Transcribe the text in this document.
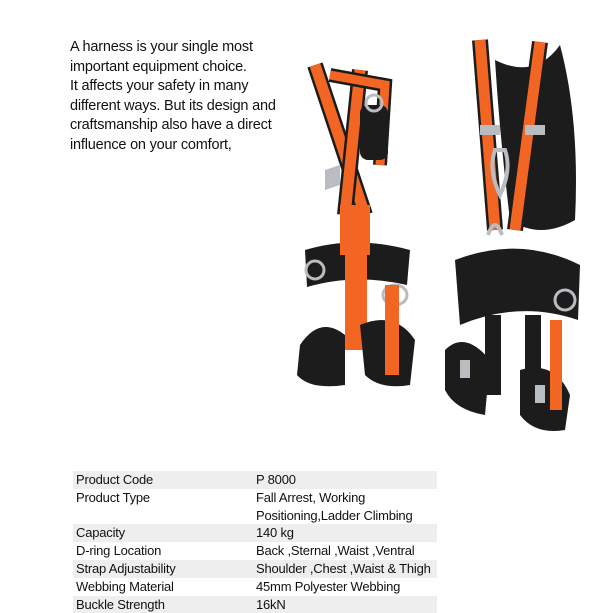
A harness is your single most
important equipment choice.
It affects your safety in many
different ways. But its design and
craftsmanship also have a direct
influence on your comfort,
Product Code	P 8000
Product Type	Fall Arrest, Working
Positioning,Ladder Climbing
Capacity	140 kg
D-ring Location	Back ,Sternal ,Waist ,Ventral
Strap Adjustability	Shoulder ,Chest ,Waist & Thigh
Webbing Material	45mm Polyester Webbing
Buckle Strength	16kN
